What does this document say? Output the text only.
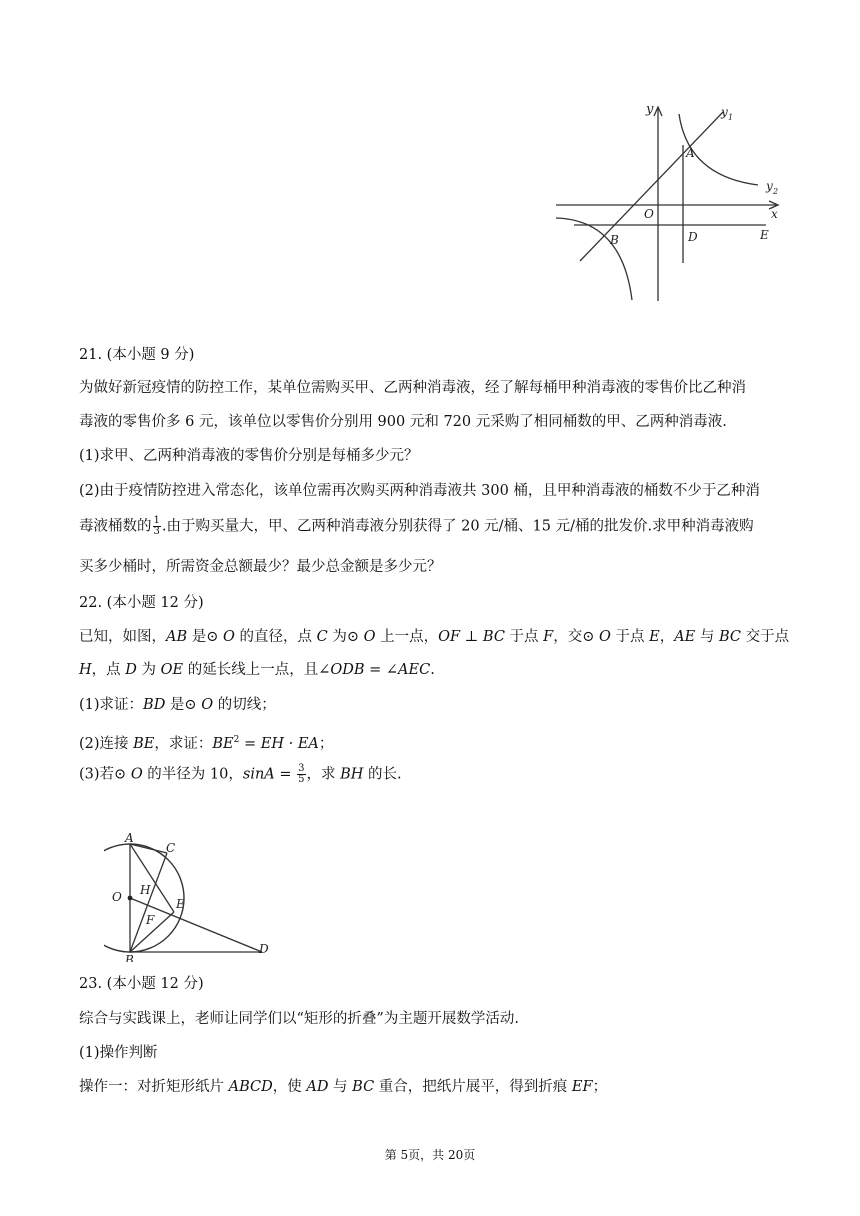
y	y 1
y 2
x
A
O
B	D	E
21. (本小题 9 分)
为做好新冠疫情的防控工作，某单位需购买甲、乙两种消毒液，经了解每桶甲种消毒液的零售价比乙种消
毒液的零售价多 6 元，该单位以零售价分别用 900 元和 720 元采购了相同桶数的甲、乙两种消毒液.
(1)求甲、乙两种消毒液的零售价分别是每桶多少元？
(2)由于疫情防控进入常态化，该单位需再次购买两种消毒液共 300 桶，且甲种消毒液的桶数不少于乙种消
毒液桶数的 $\frac{1}{3}$ .由于购买量大，甲、乙两种消毒液分别获得了 20 元/桶、15 元/桶的批发价.求甲种消毒液购
买多少桶时，所需资金总额最少？最少总金额是多少元？
22. (本小题 12 分)
已知，如图，AB 是⊙ O 的直径，点 C 为⊙ O 上一点，OF ⊥ BC 于点 F，交⊙ O 于点 E，AE 与 BC 交于点
H，点 D 为 OE 的延长线上一点，且∠ODB = ∠AEC.
(1)求证：BD 是⊙ O 的切线；
(2)连接 BE，求证：$BE^2$ = EH · EA；
(3)若⊙ O 的半径为 10，$\sin A = \frac{3}{5}$ ，求 BH 的长.
A
C
O H
E
F
B
D
23. (本小题 12 分)
综合与实践课上，老师让同学们以“矩形的折叠”为主题开展数学活动.
(1)操作判断
操作一：对折矩形纸片 ABCD，使 AD 与 BC 重合，把纸片展平，得到折痕 EF；
第 5页，共 20页
